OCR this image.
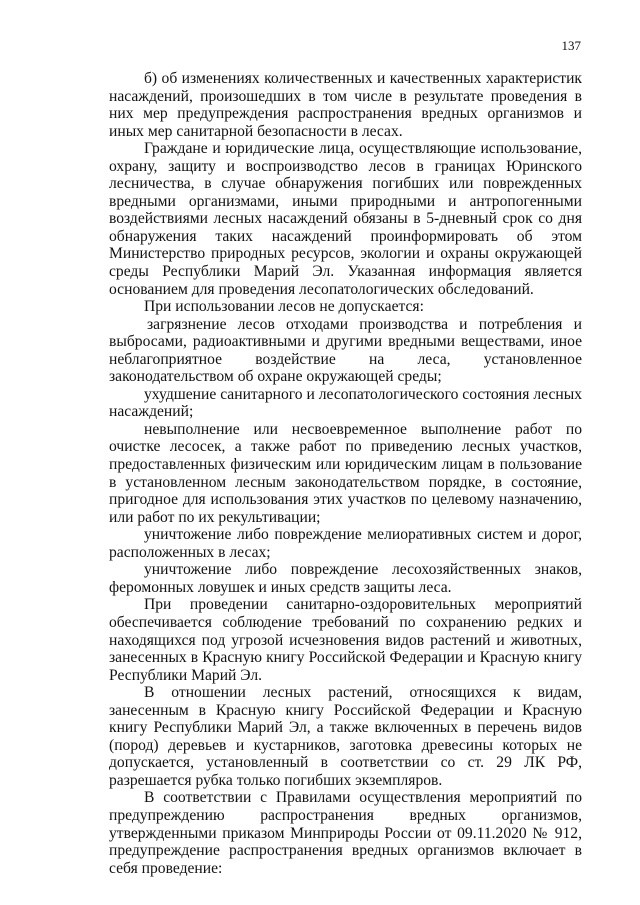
137

б) об изменениях количественных и качественных характеристик насаждений, произошедших в том числе в результате проведения в них мер предупреждения распространения вредных организмов и иных мер санитарной безопасности в лесах.

Граждане и юридические лица, осуществляющие использование, охрану, защиту и воспроизводство лесов в границах Юринского лесничества, в случае обнаружения погибших или поврежденных вредными организмами, иными природными и антропогенными воздействиями лесных насаждений обязаны в 5-дневный срок со дня обнаружения таких насаждений проинформировать об этом Министерство природных ресурсов, экологии и охраны окружающей среды Республики Марий Эл. Указанная информация является основанием для проведения лесопатологических обследований.

При использовании лесов не допускается:

загрязнение лесов отходами производства и потребления и выбросами, радиоактивными и другими вредными веществами, иное неблагоприятное воздействие на леса, установленное законодательством об охране окружающей среды;

ухудшение санитарного и лесопатологического состояния лесных насаждений;

невыполнение или несвоевременное выполнение работ по очистке лесосек, а также работ по приведению лесных участков, предоставленных физическим или юридическим лицам в пользование в установленном лесным законодательством порядке, в состояние, пригодное для использования этих участков по целевому назначению, или работ по их рекультивации;

уничтожение либо повреждение мелиоративных систем и дорог, расположенных в лесах;

уничтожение либо повреждение лесохозяйственных знаков, феромонных ловушек и иных средств защиты леса.

При проведении санитарно-оздоровительных мероприятий обеспечивается соблюдение требований по сохранению редких и находящихся под угрозой исчезновения видов растений и животных, занесенных в Красную книгу Российской Федерации и Красную книгу Республики Марий Эл.

В отношении лесных растений, относящихся к видам, занесенным в Красную книгу Российской Федерации и Красную книгу Республики Марий Эл, а также включенных в перечень видов (пород) деревьев и кустарников, заготовка древесины которых не допускается, установленный в соответствии со ст. 29 ЛК РФ, разрешается рубка только погибших экземпляров.

В соответствии с Правилами осуществления мероприятий по предупреждению распространения вредных организмов, утвержденными приказом Минприроды России от 09.11.2020 № 912, предупреждение распространения вредных организмов включает в себя проведение:
